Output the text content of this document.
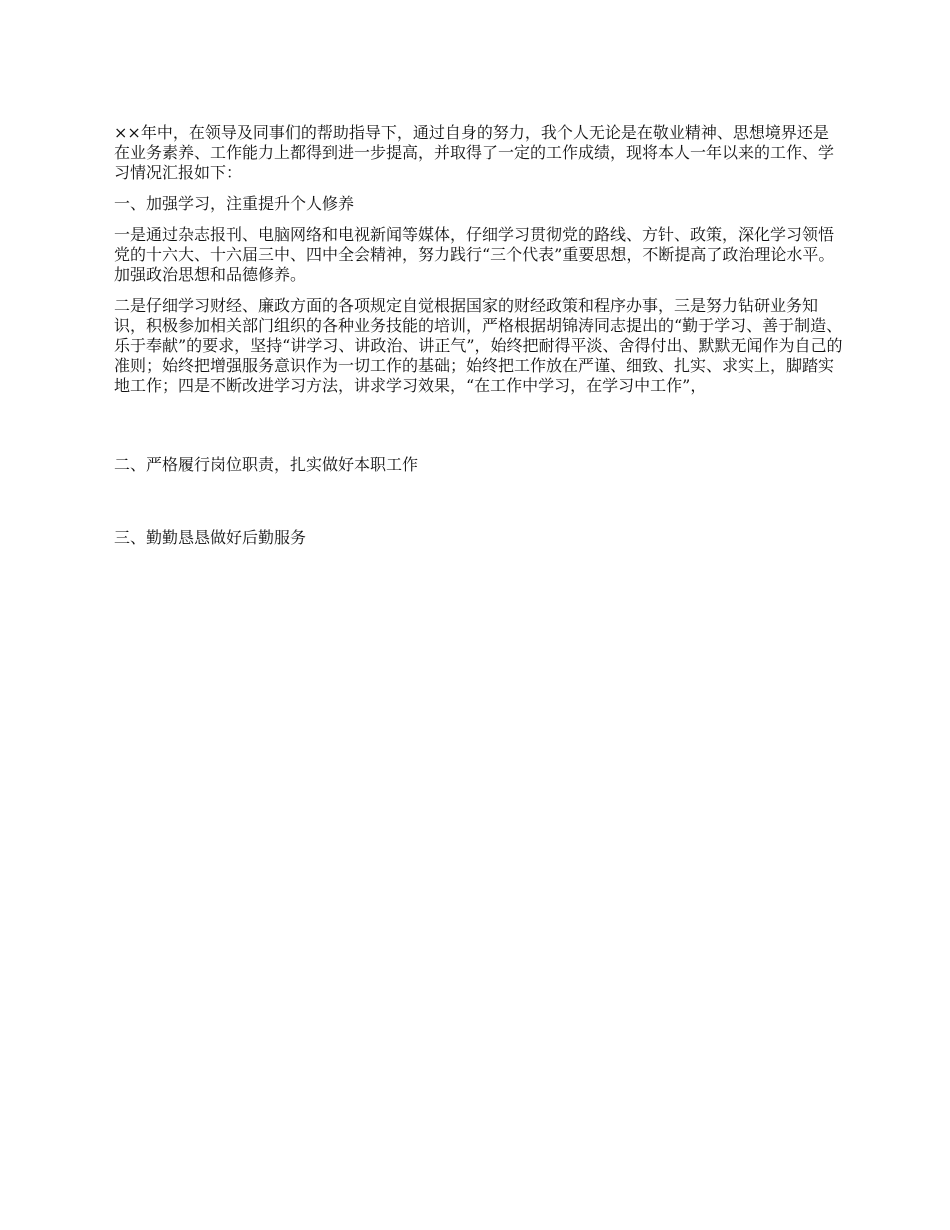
××年中，在领导及同事们的帮助指导下，通过自身的努力，我个人无论是在敬业精神、思想境界还是在业务素养、工作能力上都得到进一步提高，并取得了一定的工作成绩，现将本人一年以来的工作、学习情况汇报如下：

一、加强学习，注重提升个人修养

一是通过杂志报刊、电脑网络和电视新闻等媒体，仔细学习贯彻党的路线、方针、政策，深化学习领悟党的十六大、十六届三中、四中全会精神，努力践行“三个代表”重要思想，不断提高了政治理论水平。加强政治思想和品德修养。

二是仔细学习财经、廉政方面的各项规定自觉根据国家的财经政策和程序办事，三是努力钻研业务知识，积极参加相关部门组织的各种业务技能的培训，严格根据胡锦涛同志提出的“勤于学习、善于制造、乐于奉献”的要求，坚持“讲学习、讲政治、讲正气”，始终把耐得平淡、舍得付出、默默无闻作为自己的准则；始终把增强服务意识作为一切工作的基础；始终把工作放在严谨、细致、扎实、求实上，脚踏实地工作；四是不断改进学习方法，讲求学习效果，“在工作中学习，在学习中工作”，

二、严格履行岗位职责，扎实做好本职工作

三、勤勤恳恳做好后勤服务
